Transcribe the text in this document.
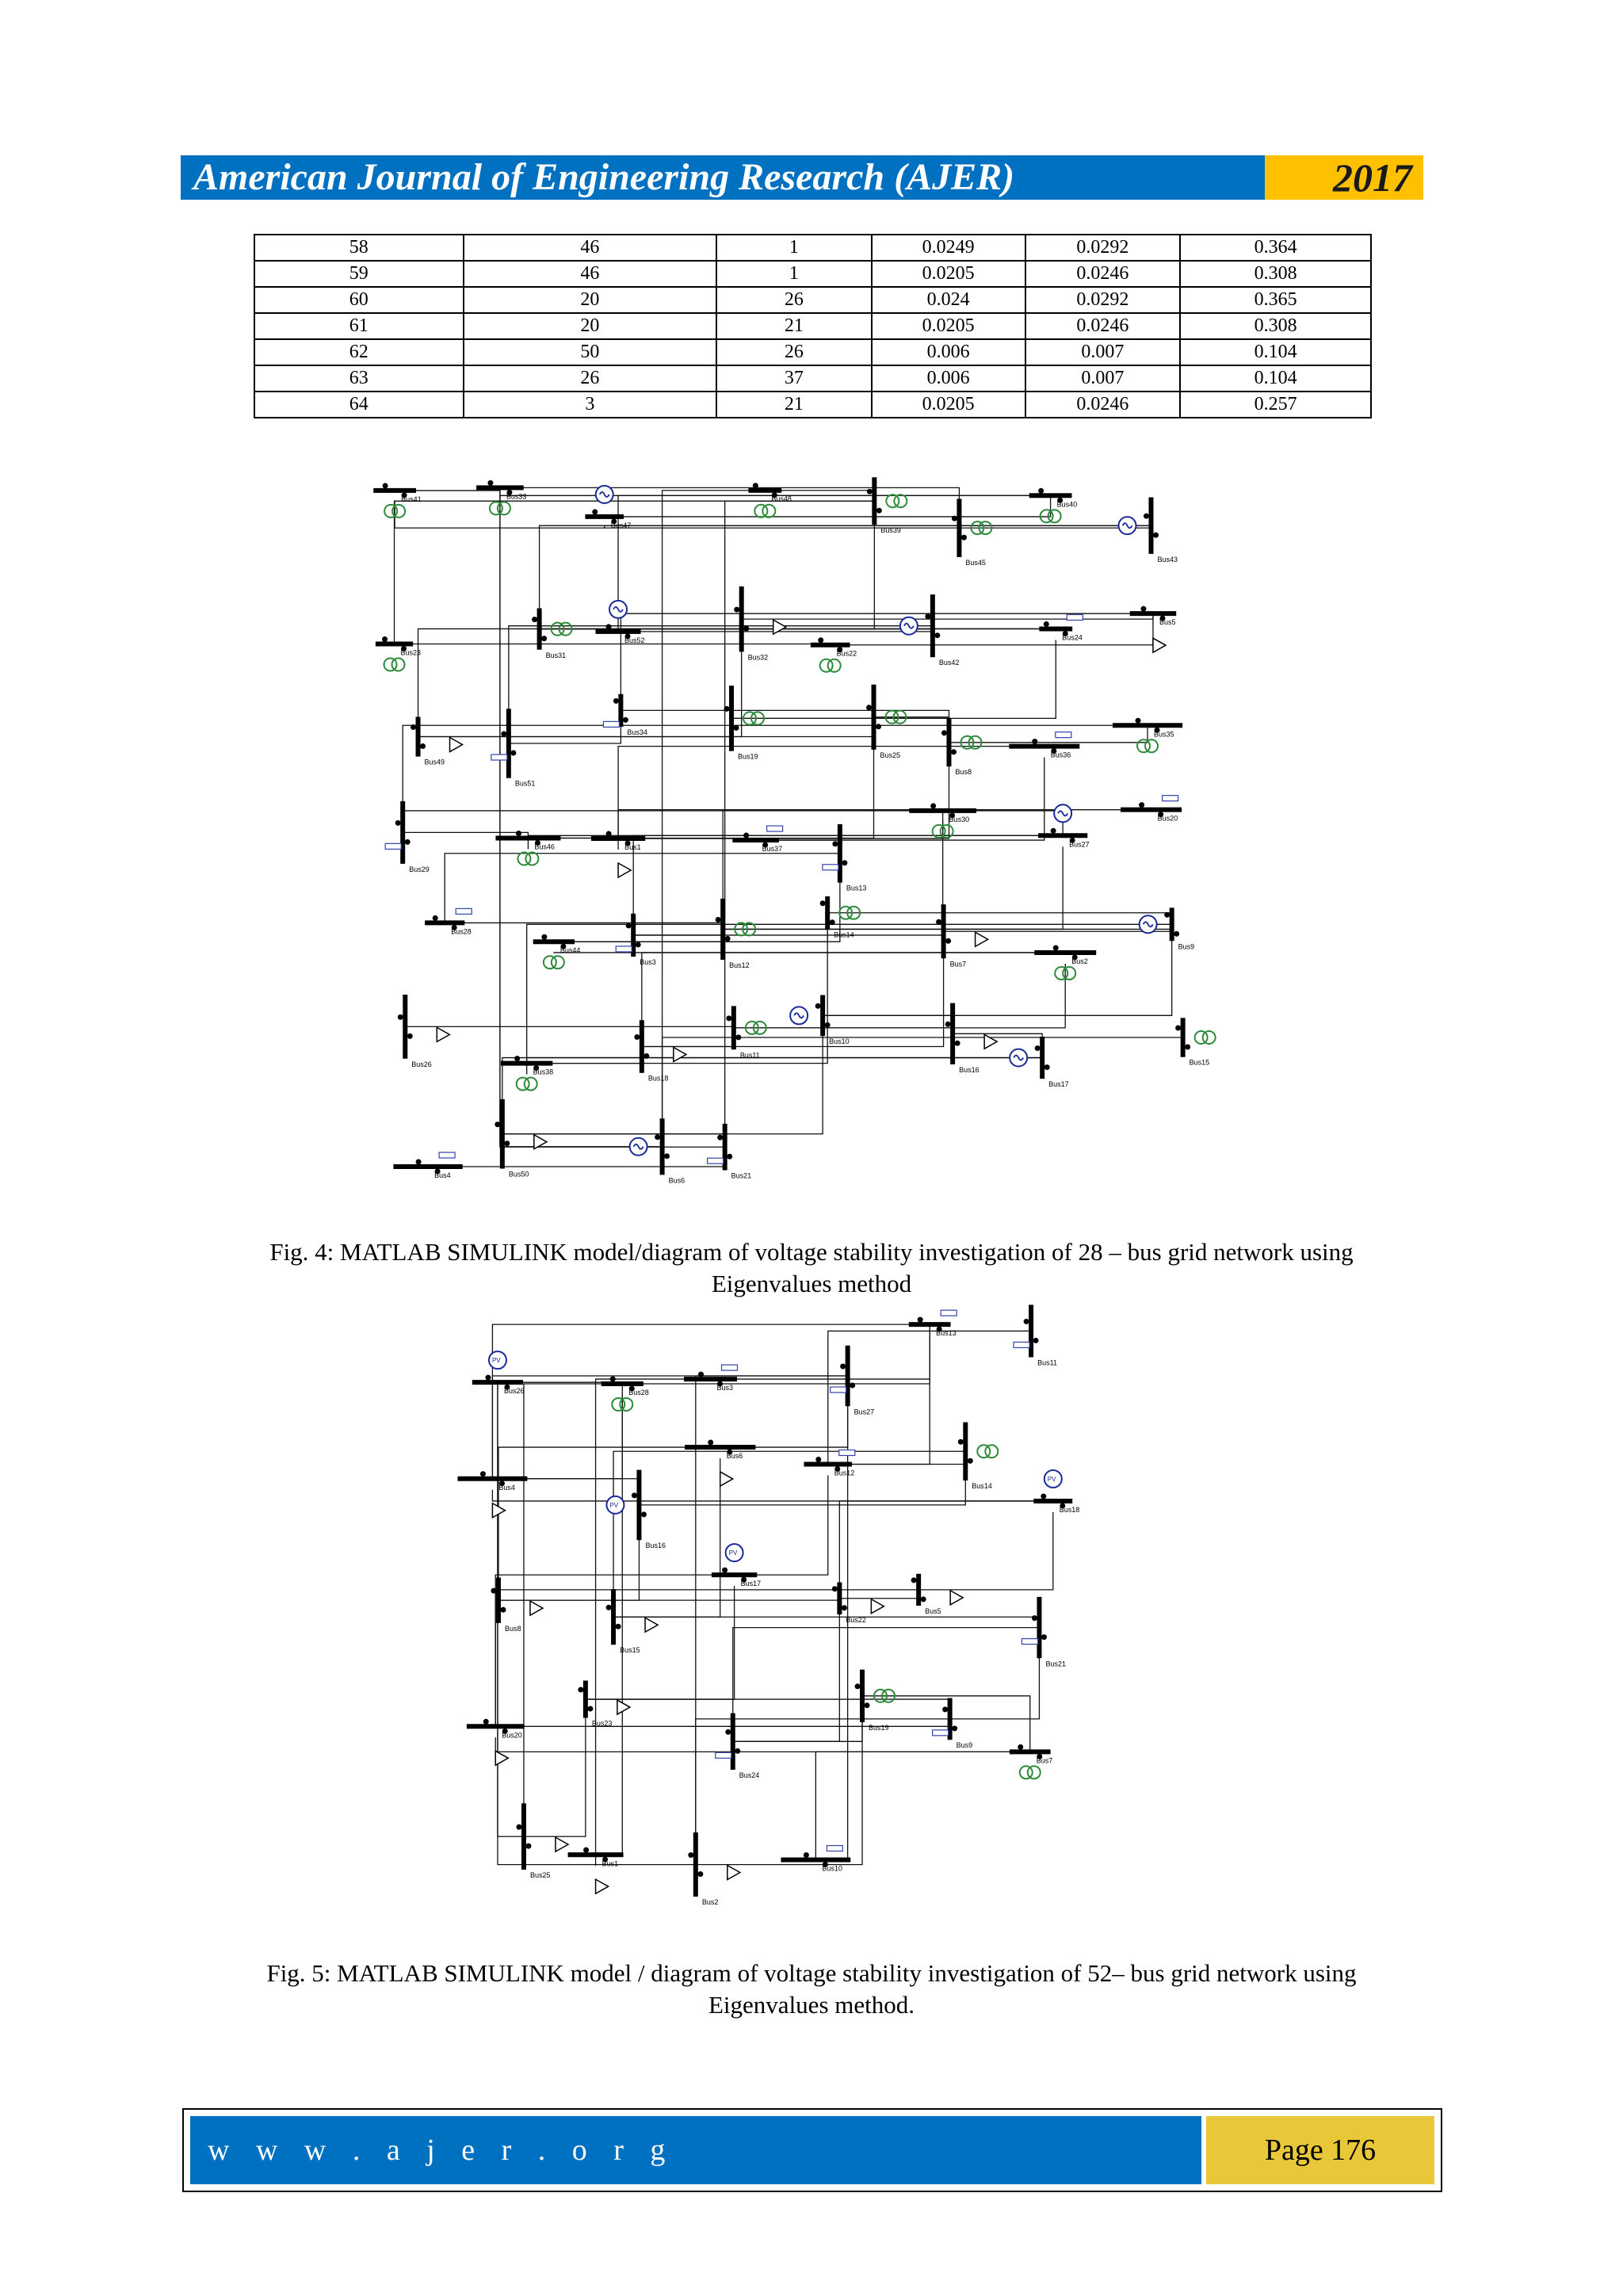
American Journal of Engineering Research (AJER)	2017
58	46	1	0.0249	0.0292	0.364
59	46	1	0.0205	0.0246	0.308
60	20	26	0.024	0.0292	0.365
61	20	21	0.0205	0.0246	0.308
62	50	26	0.006	0.007	0.104
63	26	37	0.006	0.007	0.104
64	3	21	0.0205	0.0246	0.257
Bus41	Bus33
Bus47
Bus48
Bus39
Bus45
Bus40
Bus43
Bus23	Bus31
Bus52
Bus32	Bus22
Bus42
Bus24
Bus5
Bus49
Bus51
Bus34
Bus19	Bus25
Bus8
Bus36
Bus35
Bus29
Bus46	Bus1	Bus37
Bus13
Bus30
Bus27
Bus20
Bus28
Bus44
Bus3	Bus12
Bus14
Bus7	Bus2
Bus9
Bus26
Bus38
Bus18
Bus11
Bus10
Bus16
Bus17
Bus15
Bus4	Bus50
Bus6
Bus21
Fig. 4: MATLAB SIMULINK model/diagram of voltage stability investigation of 28 – bus grid network using
Eigenvalues method
Bus26
PV
Bus28
Bus3
Bus27
Bus13
Bus11
Bus4
Bus16
PV
Bus6
Bus12
Bus14
Bus18
PV
Bus8
Bus15
Bus17
PV
Bus22
Bus5
Bus21
Bus20
Bus23
Bus24
Bus19
Bus9
Bus7
Bus25
Bus1
Bus2
Bus10
Fig. 5: MATLAB SIMULINK model / diagram of voltage stability investigation of 52– bus grid network using
Eigenvalues method.
w w w . a j e r . o r g	Page 176
